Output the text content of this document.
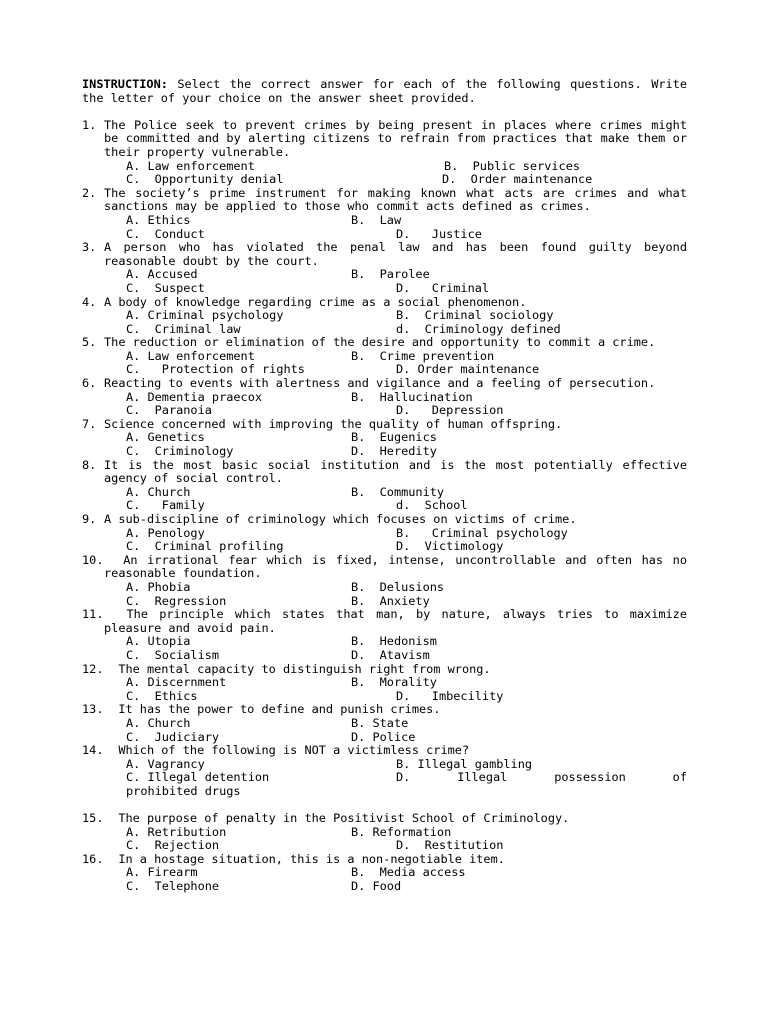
INSTRUCTION: Select the correct answer for each of the following questions. Write the letter of your choice on the answer sheet provided.
1. The Police seek to prevent crimes by being present in places where crimes might be committed and by alerting citizens to refrain from practices that make them or their property vulnerable.
A. Law enforcement	B.  Public services
C.  Opportunity denial	D.  Order maintenance
2. The society’s prime instrument for making known what acts are crimes and what sanctions may be applied to those who commit acts defined as crimes.
A. Ethics	B.  Law
C.  Conduct	D.   Justice
3. A person who has violated the penal law and has been found guilty beyond reasonable doubt by the court.
A. Accused	B.  Parolee
C.  Suspect	D.   Criminal
4. A body of knowledge regarding crime as a social phenomenon.
A. Criminal psychology	B.  Criminal sociology
C.  Criminal law	d.  Criminology defined
5. The reduction or elimination of the desire and opportunity to commit a crime.
A. Law enforcement	B.  Crime prevention
C.   Protection of rights	D. Order maintenance
6. Reacting to events with alertness and vigilance and a feeling of persecution.
A. Dementia praecox	B.  Hallucination
C.  Paranoia	D.   Depression
7. Science concerned with improving the quality of human offspring.
A. Genetics	B.  Eugenics
C.  Criminology	D.  Heredity
8. It is the most basic social institution and is the most potentially effective agency of social control.
A. Church	B.  Community
C.   Family	d.  School
9. A sub-discipline of criminology which focuses on victims of crime.
A. Penology	B.   Criminal psychology
C.  Criminal profiling	D.  Victimology
10.  An irrational fear which is fixed, intense, uncontrollable and often has no reasonable foundation.
A. Phobia	B.  Delusions
C.  Regression	B.  Anxiety
11.  The principle which states that man, by nature, always tries to maximize pleasure and avoid pain.
A. Utopia	B.  Hedonism
C.  Socialism	D.  Atavism
12.  The mental capacity to distinguish right from wrong.
A. Discernment	B.  Morality
C.  Ethics	D.   Imbecility
13.  It has the power to define and punish crimes.
A. Church	B. State
C.  Judiciary	D. Police
14.  Which of the following is NOT a victimless crime?
A. Vagrancy	B. Illegal gambling
C. Illegal detention	D.	Illegal	possession	of
prohibited drugs
15.  The purpose of penalty in the Positivist School of Criminology.
A. Retribution	B. Reformation
C.  Rejection	D.  Restitution
16.  In a hostage situation, this is a non-negotiable item.
A. Firearm	B.  Media access
C.  Telephone	D. Food
